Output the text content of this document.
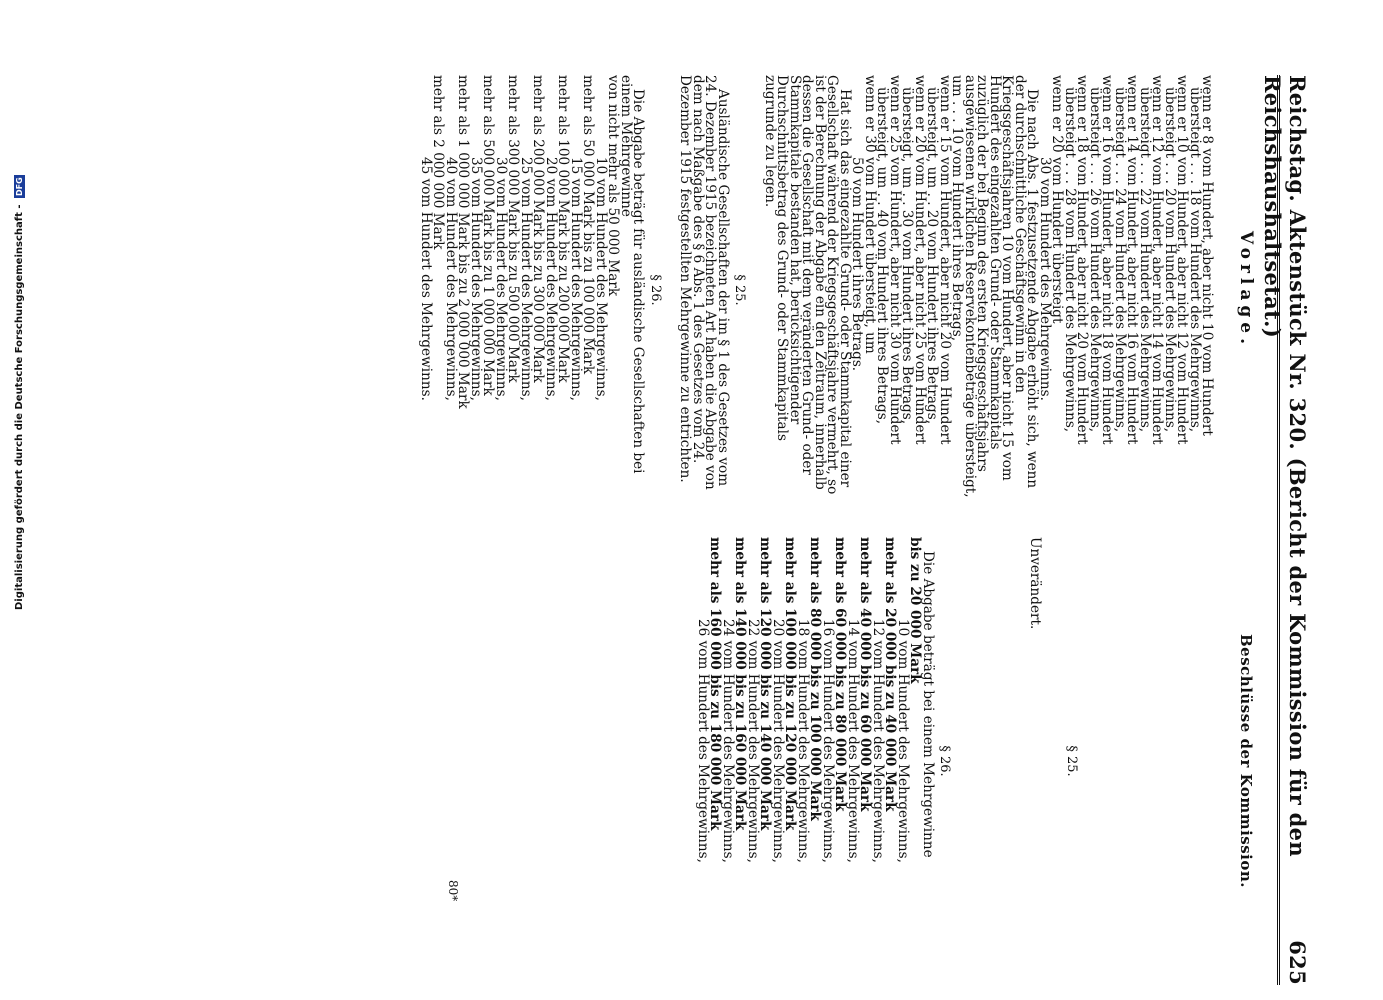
Reichstag. Aktenstück Nr. 320. (Bericht der Kommission für den Reichshaushaltsetat.)
625
Vorlage.
wenn er 8 vom Hundert, aber nicht 10 vom Hundert
übersteigt . . . 18 vom Hundert des Mehrgewinns,
wenn er 10 vom Hundert, aber nicht 12 vom Hundert
übersteigt . . . 20 vom Hundert des Mehrgewinns,
wenn er 12 vom Hundert, aber nicht 14 vom Hundert
übersteigt . . . 22 vom Hundert des Mehrgewinns,
wenn er 14 vom Hundert, aber nicht 16 vom Hundert
übersteigt . . . 24 vom Hundert des Mehrgewinns,
wenn er 16 vom Hundert, aber nicht 18 vom Hundert
übersteigt . . . 26 vom Hundert des Mehrgewinns,
wenn er 18 vom Hundert, aber nicht 20 vom Hundert
übersteigt . . . 28 vom Hundert des Mehrgewinns,
wenn er 20 vom Hundert übersteigt
30 vom Hundert des Mehrgewinns.

Die nach Abs. 1 festzusetzende Abgabe erhöht sich, wenn der durchschnittliche Geschäftsgewinn in den Kriegsgeschäftsjahren 10 vom Hundert, aber nicht 15 vom Hundert des eingezahlten Grund- oder Stammkapitals zuzüglich der bei Beginn des ersten Kriegsgeschäftsjahrs ausgewiesenen wirklichen Reservekontenbeträge übersteigt, um . . . 10 vom Hundert ihres Betrags,

wenn er 15 vom Hundert, aber nicht 20 vom Hundert
übersteigt, um . . 20 vom Hundert ihres Betrags,
wenn er 20 vom Hundert, aber nicht 25 vom Hundert
übersteigt, um . . 30 vom Hundert ihres Betrags,
wenn er 25 vom Hundert, aber nicht 30 vom Hundert
übersteigt, um . . 40 vom Hundert ihres Betrags,
wenn er 30 vom Hundert übersteigt, um
50 vom Hundert ihres Betrags.

Hat sich das eingezahlte Grund- oder Stammkapital einer Gesellschaft während der Kriegsgeschäftsjahre vermehrt, so ist der Berechnung der Abgabe ein den Zeitraum, innerhalb dessen die Gesellschaft mit dem veränderten Grund- oder Stammkapitale bestanden hat, berücksichtigender Durchschnittsbetrag des Grund- oder Stammkapitals zugrunde zu legen.

§ 25.

Ausländische Gesellschaften der im § 1 des Gesetzes vom 24. Dezember 1915 bezeichneten Art haben die Abgabe von dem nach Maßgabe des § 6 Abs. 1 des Gesetzes vom 24. Dezember 1915 festgestellten Mehrgewinne zu entrichten.

§ 26.

Die Abgabe beträgt für ausländische Gesellschaften bei einem Mehrgewinne

von nicht mehr als 50 000 Mark
10 vom Hundert des Mehrgewinns,
mehr als 50 000 Mark bis zu 100 000 Mark
15 vom Hundert des Mehrgewinns,
mehr als 100 000 Mark bis zu 200 000 Mark
20 vom Hundert des Mehrgewinns,
mehr als 200 000 Mark bis zu 300 000 Mark
25 vom Hundert des Mehrgewinns,
mehr als 300 000 Mark bis zu 500 000 Mark
30 vom Hundert des Mehrgewinns,
mehr als 500 000 Mark bis zu 1 000 000 Mark
35 vom Hundert des Mehrgewinns,
mehr als 1 000 000 Mark bis zu 2 000 000 Mark
40 vom Hundert des Mehrgewinns,
mehr als 2 000 000 Mark
45 vom Hundert des Mehrgewinns.
Beschlüsse der Kommission.
§ 25.

Unverändert.

§ 26.

Die Abgabe beträgt bei einem Mehrgewinne

bis zu 20 000 Mark
10 vom Hundert des Mehrgewinns,
mehr als 20 000 bis zu 40 000 Mark
12 vom Hundert des Mehrgewinns,
mehr als 40 000 bis zu 60 000 Mark
14 vom Hundert des Mehrgewinns,
mehr als 60 000 bis zu 80 000 Mark
16 vom Hundert des Mehrgewinns,
mehr als 80 000 bis zu 100 000 Mark
18 vom Hundert des Mehrgewinns,
mehr als 100 000 bis zu 120 000 Mark
20 vom Hundert des Mehrgewinns,
mehr als 120 000 bis zu 140 000 Mark
22 vom Hundert des Mehrgewinns,
mehr als 140 000 bis zu 160 000 Mark
24 vom Hundert des Mehrgewinns,
mehr als 160 000 bis zu 180 000 Mark
26 vom Hundert des Mehrgewinns,
80*
Digitalisierung gefördert durch die Deutsche Forschungsgemeinschaft - DFG
